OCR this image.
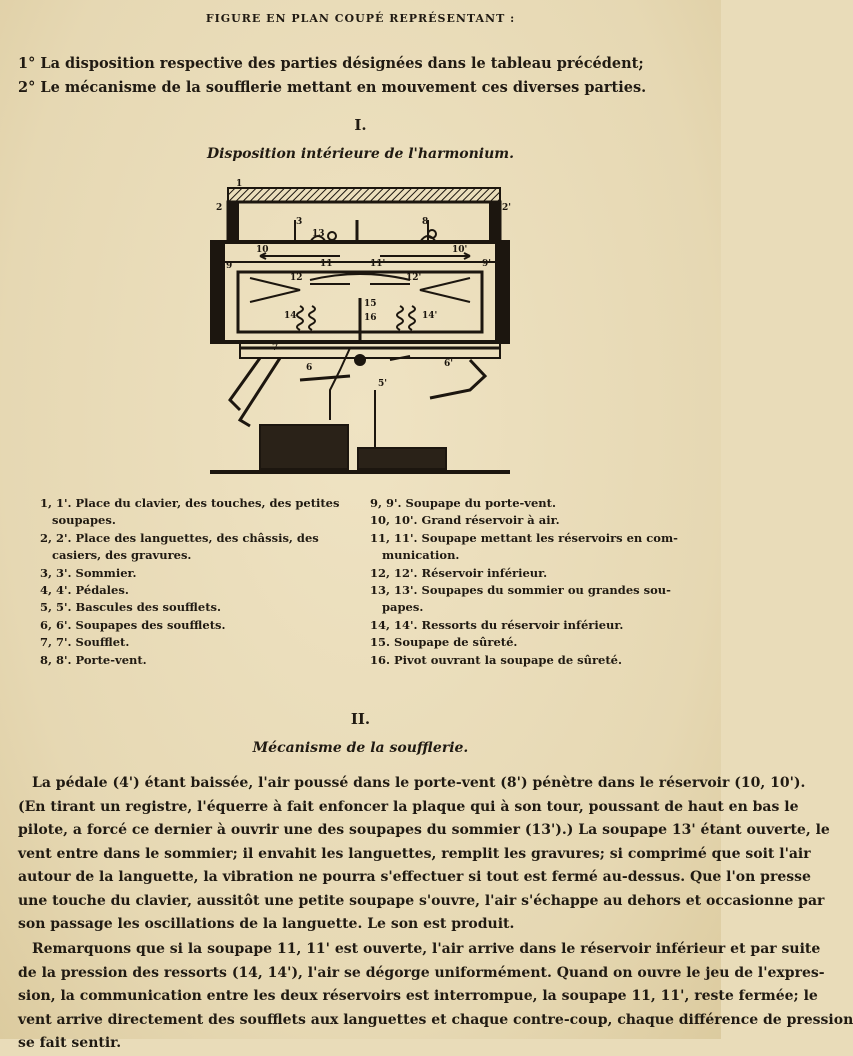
FIGURE EN PLAN COUPÉ REPRÉSENTANT :
1° La disposition respective des parties désignées dans le tableau précédent;
2° Le mécanisme de la soufflerie mettant en mouvement ces diverses parties.
I.
Disposition intérieure de l'harmonium.
1
2	2'
3
13
8
10	10'
9	9'
11	11'
12	12'
14	14'
15
16
7
6	6'
5'
1, 1'. Place du clavier, des touches, des petites
soupapes.
2, 2'. Place des languettes, des châssis, des
casiers, des gravures.
3, 3'. Sommier.
4, 4'. Pédales.
5, 5'. Bascules des soufflets.
6, 6'. Soupapes des soufflets.
7, 7'. Soufflet.
8, 8'. Porte-vent.
9, 9'. Soupape du porte-vent.
10, 10'. Grand réservoir à air.
11, 11'. Soupape mettant les réservoirs en com-
munication.
12, 12'. Réservoir inférieur.
13, 13'. Soupapes du sommier ou grandes sou-
papes.
14, 14'. Ressorts du réservoir inférieur.
15. Soupape de sûreté.
16. Pivot ouvrant la soupape de sûreté.
II.
Mécanisme de la soufflerie.
La pédale (4') étant baissée, l'air poussé dans le porte-vent (8') pénètre dans le réservoir (10, 10').
(En tirant un registre, l'équerre à fait enfoncer la plaque qui à son tour, poussant de haut en bas le
pilote, a forcé ce dernier à ouvrir une des soupapes du sommier (13').) La soupape 13' étant ouverte, le
vent entre dans le sommier; il envahit les languettes, remplit les gravures; si comprimé que soit l'air
autour de la languette, la vibration ne pourra s'effectuer si tout est fermé au-dessus. Que l'on presse
une touche du clavier, aussitôt une petite soupape s'ouvre, l'air s'échappe au dehors et occasionne par
son passage les oscillations de la languette. Le son est produit.
Remarquons que si la soupape 11, 11' est ouverte, l'air arrive dans le réservoir inférieur et par suite
de la pression des ressorts (14, 14'), l'air se dégorge uniformément. Quand on ouvre le jeu de l'expres-
sion, la communication entre les deux réservoirs est interrompue, la soupape 11, 11', reste fermée; le
vent arrive directement des soufflets aux languettes et chaque contre-coup, chaque différence de pression
se fait sentir.
